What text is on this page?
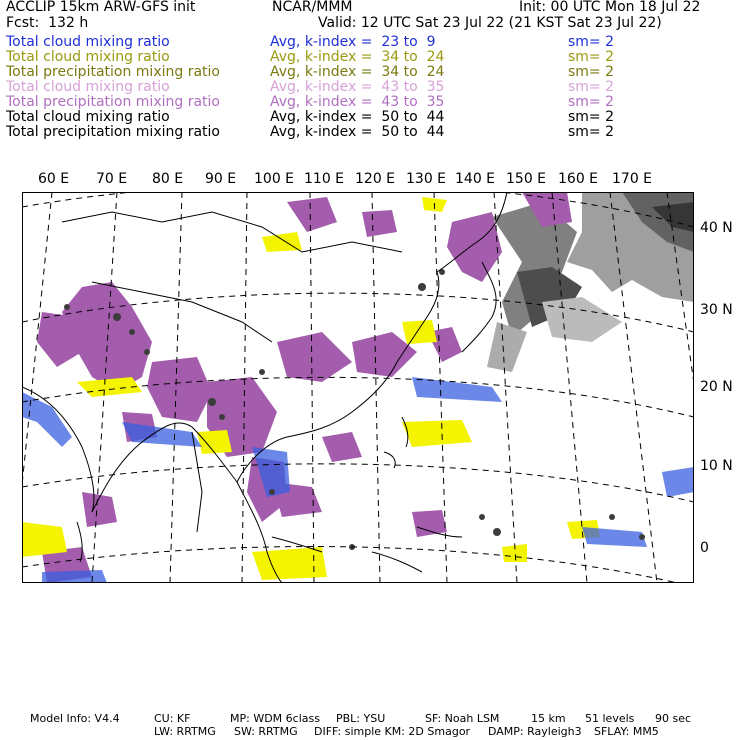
ACCLIP 15km ARW-GFS init	NCAR/MMM	Init: 00 UTC Mon 18 Jul 22
Fcst:  132 h	Valid: 12 UTC Sat 23 Jul 22 (21 KST Sat 23 Jul 22)
Total cloud mixing ratio	Avg, k-index =  23 to  9	sm= 2
Total cloud mixing ratio	Avg, k-index =  34 to  24	sm= 2
Total precipitation mixing ratio	Avg, k-index =  34 to  24	sm= 2
Total cloud mixing ratio	Avg, k-index =  43 to  35	sm= 2
Total precipitation mixing ratio	Avg, k-index =  43 to  35	sm= 2
Total cloud mixing ratio	Avg, k-index =  50 to  44	sm= 2
Total precipitation mixing ratio	Avg, k-index =  50 to  44	sm= 2
60 E 70 E 80 E 90 E 100 E 110 E 120 E 130 E 140 E 150 E 160 E 170 E
40 N
30 N
20 N
10 N
0
Model Info: V4.4	CU: KF	MP: WDM 6class PBL: YSU	SF: Noah LSM	15 km 51 levels 90 sec
LW: RRTMG SW: RRTMG DIFF: simple KM: 2D Smagor DAMP: Rayleigh3 SFLAY: MM5
